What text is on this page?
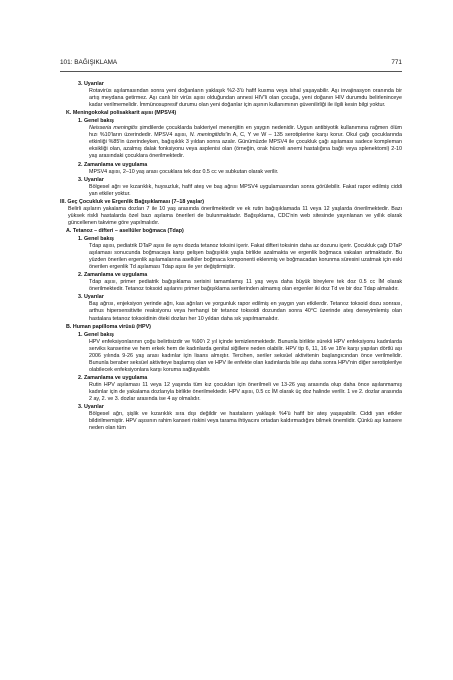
101: BAĞIŞIKLAMA	771

3. Uyarılar

Rotavirüs aşılamasından sonra yeni doğanların yaklaşık %2-3'ü hafif kusma veya ishal yaşayabilir. Aşı invajinasyon oranında bir artış meydana getirmez. Aşı canlı bir virüs aşısı olduğundan annesi HIV'li olan çocuğa, yeni doğanın HIV durumdu belirleninceye kadar verilmemelidir. İmmünosupresif durumu olan yeni doğanlar için aşının kullanımının güvenilirliği ile ilgili kesin bilgi yoktur.

K. Meningokokal polisakkarit aşısı (MPSV4)

1. Genel bakış

Neisseria meningitis şimdilerde çocuklarda bakteriyel menenjitin en yaygın nedenidir. Uygun antibiyotik kullanımına rağmen ölüm hızı %10'ların üzerindedir. MPSV4 aşısı, N. meningitidis'in A, C, Y ve W – 135 serotiplerine karşı korur. Okul çağı çocuklarında etkinliği %85'in üzerindeyken, bağışıklık 3 yıldan sonra azalır. Günümüzde MPSV4 ile çocukluk çağı aşılaması sadece kompleman eksikliği olan, azalmış dalak fonksiyonu veya asplenisi olan (örneğin, orak hücreli anemi hastalığına bağlı veya splenektomi) 2-10 yaş arasındaki çocuklara önerilmektedir.

2. Zamanlama ve uygulama

MPSV4 aşısı, 2–10 yaş arası çocuklara tek doz 0.5 cc ve subkutan olarak verilir.

3. Uyarılar

Bölgesel ağrı ve kızarıklık, huysuzluk, hafif ateş ve baş ağrısı MPSV4 uygulamasından sonra görülebilir. Fakat rapor edilmiş ciddi yan etkiler yoktur.

III. Geç Çocukluk ve Ergenlik Bağışıklaması (7–18 yaşlar)

Belirli aşıların yakalama dozları 7 ile 10 yaş arasında önerilmektedir ve ek rutin bağışıklamada 11 veya 12 yaşlarda önerilmektedir. Bazı yüksek riskli hastalarda özel bazı aşılama önerileri de bulunmaktadır. Bağışıklama, CDC'nin web sitesinde yayınlanan ve yıllık olarak güncellenen takvime göre yapılmalıdır.

A. Tetanoz – difteri – asellüler boğmaca (Tdap)

1. Genel bakış

Tdap aşısı, pediatrik DTaP aşısı ile aynı dozda tetanoz toksini içerir. Fakat difteri toksinin daha az dozunu içerir. Çocukluk çağı DTaP aşılaması sonucunda boğmacaya karşı gelişen bağışıklık yaşla birlikte azalmakta ve ergenlik boğmaca vakaları artmaktadır. Bu yüzden önerilen ergenlik aşılamalarına asellüler boğmaca komponenti eklenmiş ve boğmacadan korunma süresini uzatmak için eski önerilen ergenlik Td aşılaması Tdap aşısı ile yer değiştirmiştir.

2. Zamanlama ve uygulama

Tdap aşısı, primer pediatrik bağışıklama serisini tamamlamış 11 yaş veya daha büyük bireylere tek doz 0.5 cc İM olarak önerilmektedir. Tetanoz toksoid aşılarını primer bağışıklama serilerinden almamış olan ergenler iki doz Td ve bir doz Tdap almalıdır.

3. Uyarılar

Baş ağrısı, enjeksiyon yerinde ağrı, kas ağrıları ve yorgunluk rapor edilmiş en yaygın yan etkilerdir. Tetanoz toksoid dozu sonrası, arthus hipersensitivite reaksiyonu veya herhangi bir tetanoz toksoidi dozundan sonra 40°C üzerinde ateş deneyimlemiş olan hastalara tetanoz toksoidinin öteki dozları her 10 yıldan daha sık yapılmamalıdır.

B. Human papilloma virüsü (HPV)

1. Genel bakış

HPV enfeksiyonlarının çoğu belirtisizdir ve %90'ı 2 yıl içinde temizlenmektedir. Bununla birlikte sürekli HPV enfeksiyonu kadınlarda serviks kanserine ve hem erkek hem de kadınlarda genital siğillere neden olabilir. HPV tip 6, 11, 16 ve 18'e karşı yapılan dörtlü aşı 2006 yılında 9-26 yaş arası kadınlar için lisans almıştır. Tercihen, seriler seksüel aktivitenin başlangıcından önce verilmelidir. Bununla beraber seksüel aktiviteye başlamış olan ve HPV ile enfekte olan kadınlarda bile aşı daha sonra HPV'nin diğer serotiplerilye olabilecek enfeksiyonlara karşı koruma sağlayabilir.

2. Zamanlama ve uygulama

Rutin HPV aşılaması 11 veya 12 yaşında tüm kız çocukları için önerilmeli ve 13-26 yaş arasında olup daha önce aşılanmamış kadınlar için de yakalama dozlarıyla birlikte önerilmektedir. HPV aşısı, 0.5 cc İM olarak üç doz halinde verilir. 1 ve 2. dozlar arasında 2 ay, 2. ve 3. dozlar arasında ise 4 ay olmalıdır.

3. Uyarılar

Bölgesel ağrı, şişlik ve kızarıklık sıra dışı değildir ve hastaların yaklaşık %4'ü hafif bir ateş yaşayabilir. Ciddi yan etkiler bildirilmemiştir. HPV aşısının rahim kanseri riskini veya tarama ihtiyacını ortadan kaldırmadığını bilmek önemlidir. Çünkü aşı kansere neden olan tüm
